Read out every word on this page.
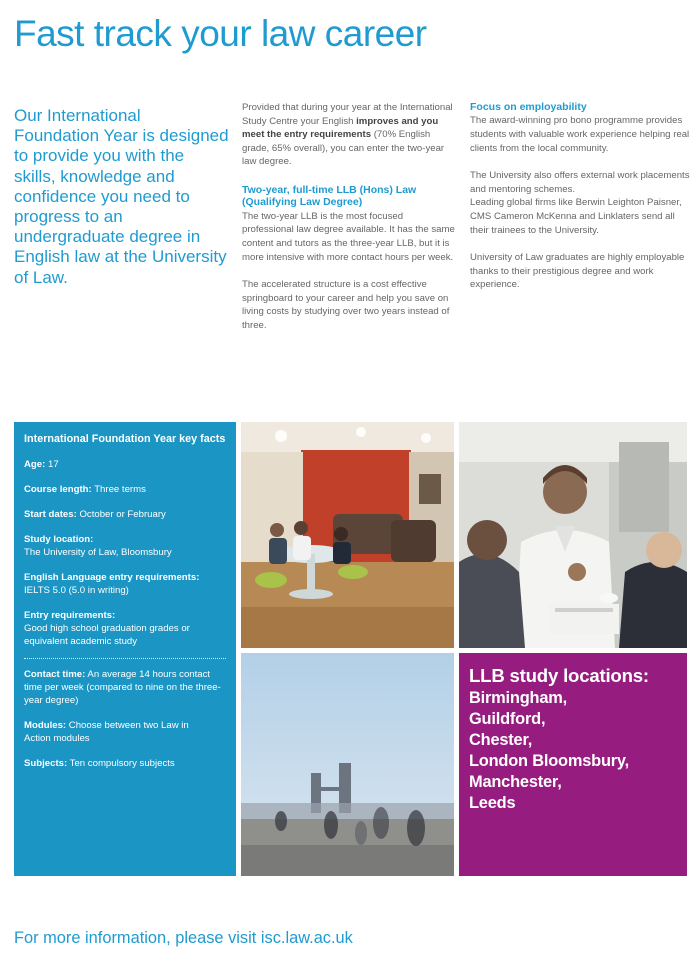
Fast track your law career

Our International Foundation Year is designed to provide you with the skills, knowledge and confidence you need to progress to an undergraduate degree in English law at the University of Law.

Provided that during your year at the International Study Centre your English improves and you meet the entry requirements (70% English grade, 65% overall), you can enter the two-year law degree.

Two-year, full-time LLB (Hons) Law (Qualifying Law Degree)

The two-year LLB is the most focused professional law degree available. It has the same content and tutors as the three-year LLB, but it is more intensive with more contact hours per week.

The accelerated structure is a cost effective springboard to your career and help you save on living costs by studying over two years instead of three.

Focus on employability

The award-winning pro bono programme provides students with valuable work experience helping real clients from the local community.

The University also offers external work placements and mentoring schemes.
Leading global firms like Berwin Leighton Paisner, CMS Cameron McKenna and Linklaters send all their trainees to the University.

University of Law graduates are highly employable thanks to their prestigious degree and work experience.

International Foundation Year key facts

Age: 17

Course length: Three terms

Start dates: October or February

Study location:
The University of Law, Bloomsbury

English Language entry requirements:
IELTS 5.0 (5.0 in writing)

Entry requirements:
Good high school graduation grades or equivalent academic study

Contact time: An average 14 hours contact time per week (compared to nine on the three-year degree)

Modules: Choose between two Law in Action modules

Subjects: Ten compulsory subjects

LLB study locations:
Birmingham,
Guildford,
Chester,
London Bloomsbury,
Manchester,
Leeds

For more information, please visit isc.law.ac.uk
